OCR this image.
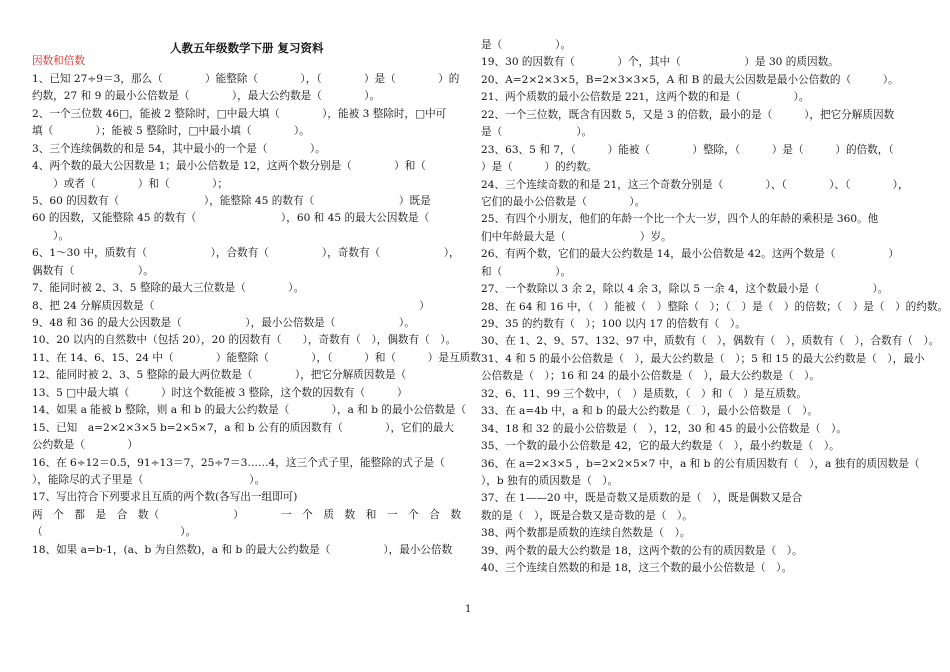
人教五年级数学下册 复习资料
因数和倍数
1、已知 27÷9＝3，那么（　　　　）能整除（　　　　），（　　　　）是（　　　　）的
约数，27 和 9 的最小公倍数是（　　　　），最大公约数是（　　　　）。
2、一个三位数 46□，能被 2 整除时，□中最大填（　　　　），能被 3 整除时，□中可
填（　　　　）；能被 5 整除时，□中最小填（　　　　）。
3、三个连续偶数的和是 54，其中最小的一个是（　　　　）。
4、两个数的最大公因数是 1；最小公倍数是 12，这两个数分别是（　　　　）和（
　　）或者（　　　　）和（　　　　）；
5、60 的因数有（　　　　　　　　），能整除 45 的数有（　　　　　　　　）既是
60 的因数，又能整除 45 的数有（　　　　　　　　），60 和 45 的最大公因数是（
　　）。
6、1～30 中，质数有（　　　　　　），合数有（　　　　　），奇数有（　　　　　　），
偶数有（　　　　　　）。
7、能同时被 2、3、5 整除的最大三位数是（　　　　）。
8、把 24 分解质因数是（　　　　　　　　　　　　　　　　　　　　　　　　　）
9、48 和 36 的最大公因数是（　　　　　　），最小公倍数是（　　　　　　）。
10、20 以内的自然数中（包括 20），20 的因数有（　　），奇数有（　），偶数有（　）。
11、在 14、6、15、24 中（　　　　）能整除（　　　　），（　　　）和（　　　）是互质数
12、能同时被 2、3、5 整除的最大两位数是（　　　　），把它分解质因数是（
13、5 □中最大填（　　　）时这个数能被 3 整除，这个数的因数有（　　　）
14、如果 a 能被 b 整除，则 a 和 b 的最大公约数是（　　　　），a 和 b 的最小公倍数是（
15、已知　a=2×2×3×5 b=2×5×7，a 和 b 公有的质因数有（　　　　），它们的最大
公约数是（　　　　）
16、在 6÷12＝0.5，91÷13＝7，25÷7＝3……4，这三个式子里，能整除的式子是（
），能除尽的式子里是（　　　　　　　　　　）。
17、写出符合下列要求且互质的两个数(各写出一组即可)
两　个　都　是　合　数（　　　　　　　）　　　　一　个　质　数　和　一　个　合　数
（　　　　　　　　　　　　　）。
18、如果 a=b-1，(a、b 为自然数)，a 和 b 的最大公约数是（　　　　　），最小公倍数
是（　　　　　）。
19、30 的因数有（　　　　）个，其中（　　　　　　）是 30 的质因数。
20、A=2×2×3×5，B=2×3×3×5，A 和 B 的最大公因数是最小公倍数的（　　　）。
21、两个质数的最小公倍数是 221，这两个数的和是（　　　　　）。
22、一个三位数，既含有因数 5，又是 3 的倍数，最小的是（　　　），把它分解质因数
是（　　　　　　　）。
23、63、5 和 7，（　　　）能被（　　　　）整除，（　　　）是（　　　）的倍数，（
）是（　　　）的约数。
24、三个连续奇数的和是 21，这三个奇数分别是（　　　　）、（　　　　）、（　　　　），
它们的最小公倍数是（　　　　）。
25、有四个小朋友，他们的年龄一个比一个大一岁，四个人的年龄的乘积是 360。他
们中年龄最大是（　　　　　　　）岁。
26、有两个数，它们的最大公约数是 14，最小公倍数是 42。这两个数是（　　　　　）
和（　　　　　）。
27、一个数除以 3 余 2，除以 4 余 3，除以 5 一余 4，这个数最小是（　　　　　）。
28、在 64 和 16 中，（　）能被（　）整除（　）；（　）是（　）的倍数；（　）是（　）的约数。
29、35 的约数有（　）；100 以内 17 的倍数有（　）。
30、在 1、2、9、57、132、97 中，质数有（　），偶数有（　），质数有（　），合数有（　）。
31、4 和 5 的最小公倍数是（　），最大公约数是（　）；5 和 15 的最大公约数是（　），最小
公倍数是（　）；16 和 24 的最小公倍数是（　），最大公约数是（　）。
32、6、11、99 三个数中，（　）是质数，（　）和（　）是互质数。
33、在 a=4b 中，a 和 b 的最大公约数是（　），最小公倍数是（　）。
34、18 和 32 的最小公倍数是（　），12，30 和 45 的最小公倍数是（　）。
35、一个数的最小公倍数是 42，它的最大约数是（　），最小约数是（　）。
36、在 a=2×3×5 ，b=2×2×5×7 中，a 和 b 的公有质因数有（　），a 独有的质因数是（
），b 独有的质因数是（　）。
37、在 1——20 中，既是奇数又是质数的是（　），既是偶数又是合
数的是（　），既是合数又是奇数的是（　）。
38、两个数都是质数的连续自然数是（　）。
39、两个数的最大公约数是 18，这两个数的公有的质因数是（　）。
40、三个连续自然数的和是 18，这三个数的最小公倍数是（　）。
1
